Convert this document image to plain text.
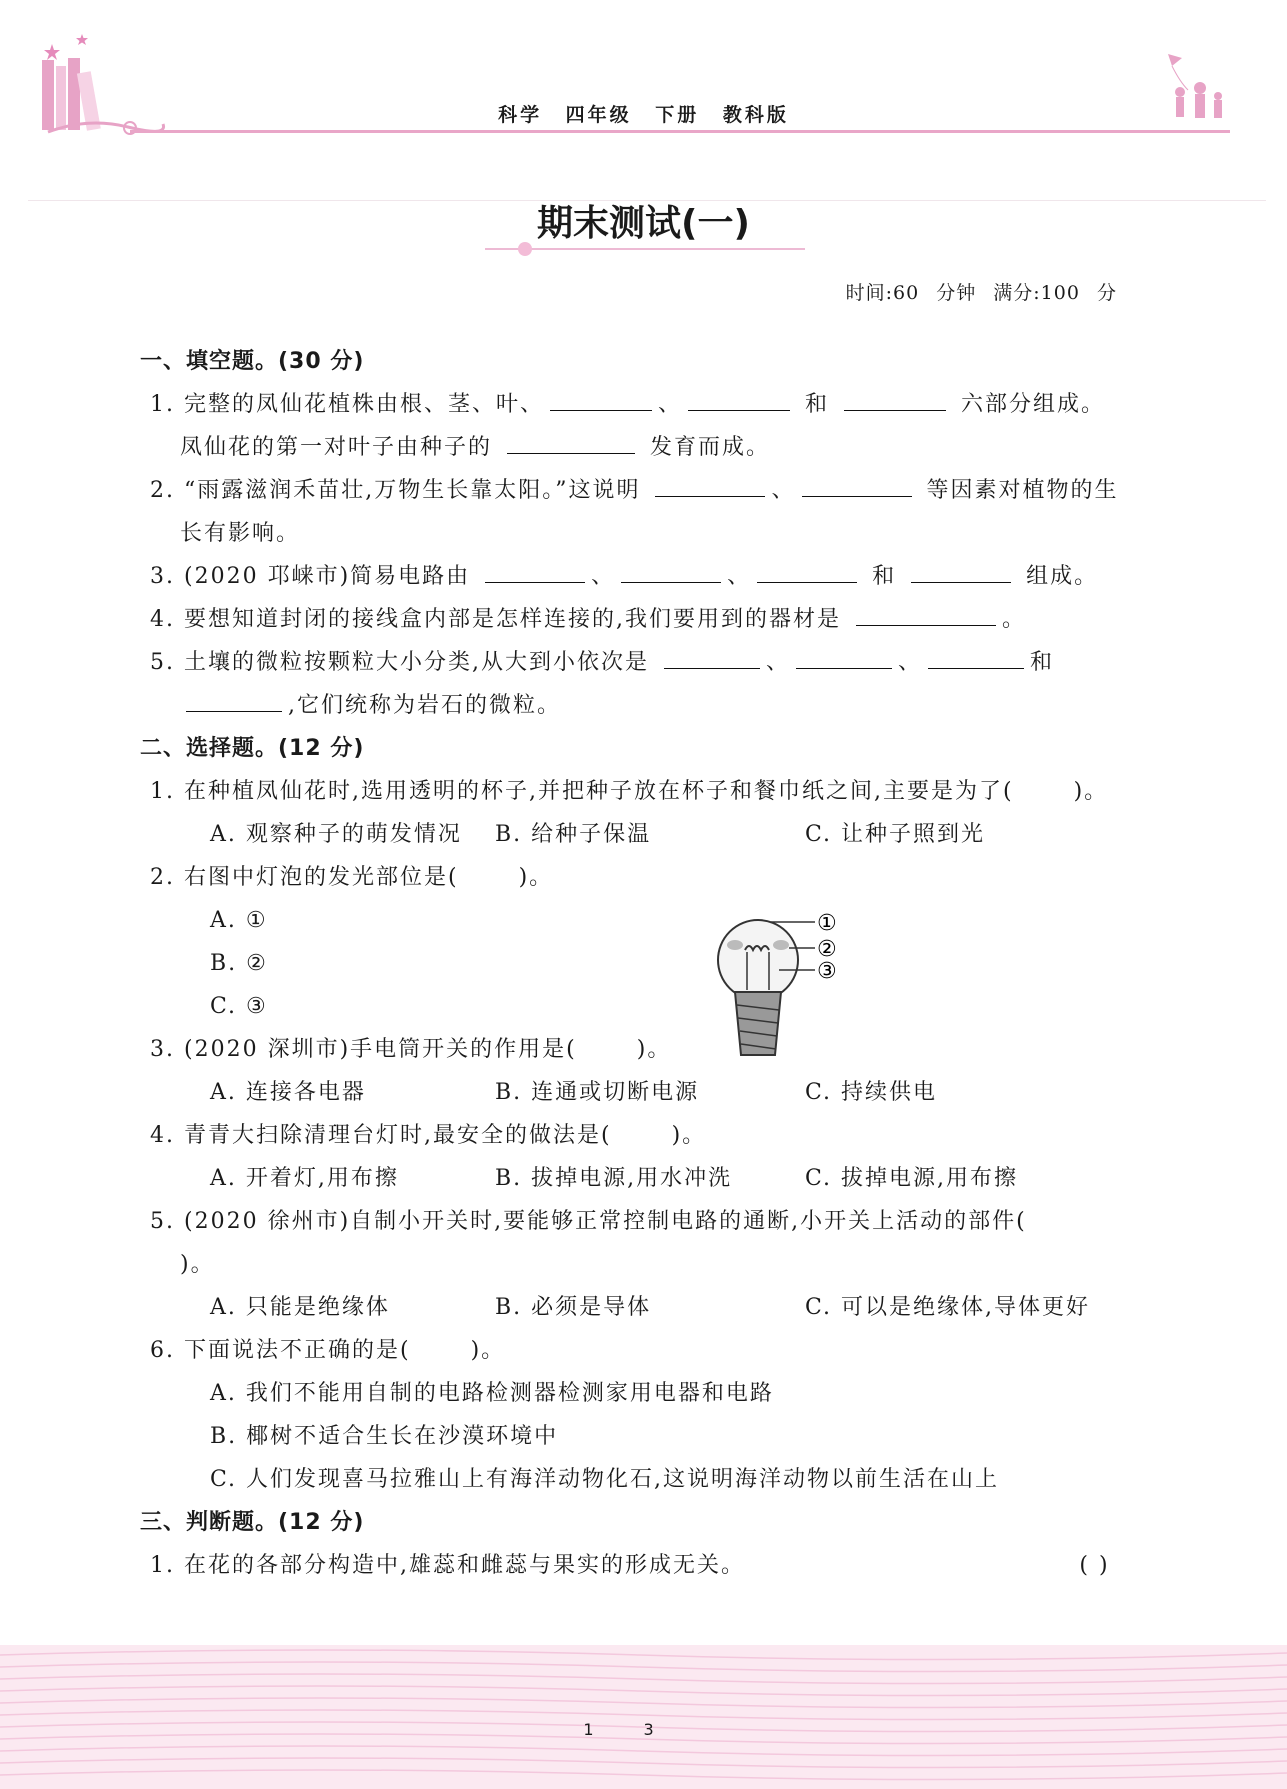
科学 四年级 下册 教科版
期末测试(一)
时间:60 分钟 满分:100 分
一、填空题。(30 分)
1. 完整的凤仙花植株由根、茎、叶、	、	和	六部分组成。凤仙花的第一对叶子由种子的	发育而成。
2. “雨露滋润禾苗壮,万物生长靠太阳。”这说明	、	等因素对植物的生长有影响。
3. (2020 邛崃市)简易电路由	、	、	和	组成。
4. 要想知道封闭的接线盒内部是怎样连接的,我们要用到的器材是	。
5. 土壤的微粒按颗粒大小分类,从大到小依次是	、	、	和,它们统称为岩石的微粒。
二、选择题。(12 分)
1. 在种植凤仙花时,选用透明的杯子,并把种子放在杯子和餐巾纸之间,主要是为了(	)。
A. 观察种子的萌发情况	B. 给种子保温	C. 让种子照到光
2. 右图中灯泡的发光部位是(	)。
A. ①
B. ②
C. ③
3. (2020 深圳市)手电筒开关的作用是(	)。
A. 连接各电器	B. 连通或切断电源	C. 持续供电
4. 青青大扫除清理台灯时,最安全的做法是(	)。
A. 开着灯,用布擦	B. 拔掉电源,用水冲洗	C. 拔掉电源,用布擦
5. (2020 徐州市)自制小开关时,要能够正常控制电路的通断,小开关上活动的部件()。
A. 只能是绝缘体	B. 必须是导体	C. 可以是绝缘体,导体更好
6. 下面说法不正确的是(	)。
A. 我们不能用自制的电路检测器检测家用电器和电路
B. 椰树不适合生长在沙漠环境中
C. 人们发现喜马拉雅山上有海洋动物化石,这说明海洋动物以前生活在山上
三、判断题。(12 分)
1. 在花的各部分构造中,雄蕊和雌蕊与果实的形成无关。	( )
①
②
③
13
